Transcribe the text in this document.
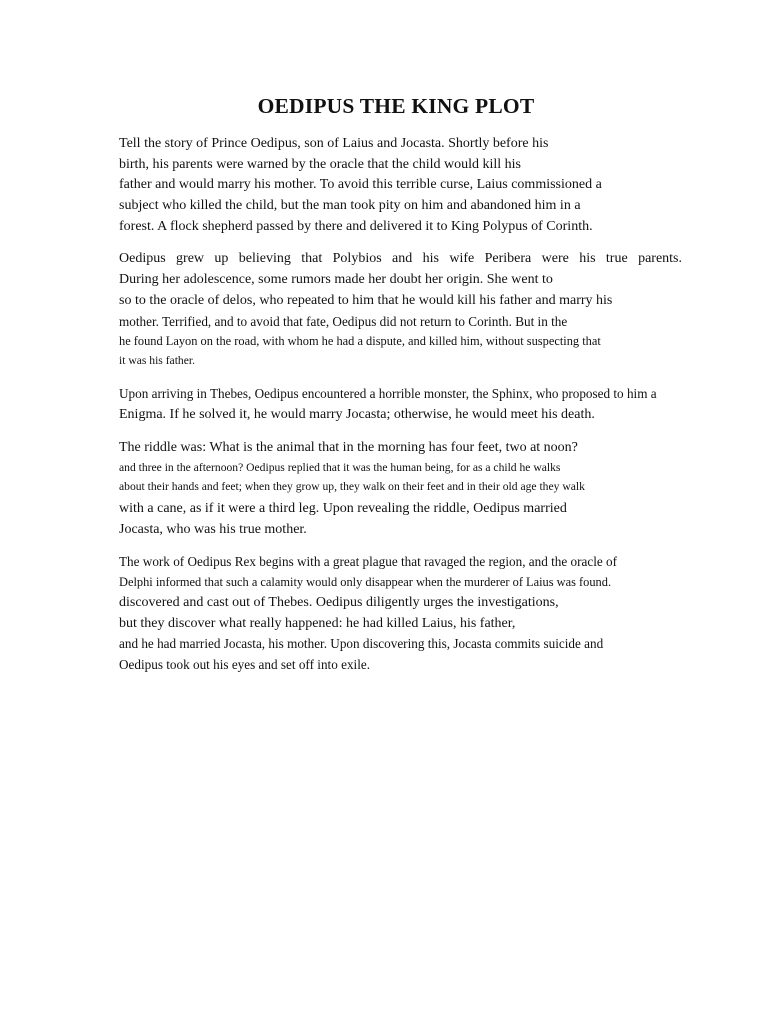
OEDIPUS THE KING PLOT
Tell the story of Prince Oedipus, son of Laius and Jocasta. Shortly before his
birth, his parents were warned by the oracle that the child would kill his
father and would marry his mother. To avoid this terrible curse, Laius commissioned a
subject who killed the child, but the man took pity on him and abandoned him in a
forest. A flock shepherd passed by there and delivered it to King Polypus of Corinth.
Oedipus grew up believing that Polybios and his wife Peribera were his true parents.
During her adolescence, some rumors made her doubt her origin. She went to
so to the oracle of delos, who repeated to him that he would kill his father and marry his
mother. Terrified, and to avoid that fate, Oedipus did not return to Corinth. But in the
he found Layon on the road, with whom he had a dispute, and killed him, without suspecting that
it was his father.
Upon arriving in Thebes, Oedipus encountered a horrible monster, the Sphinx, who proposed to him a
Enigma. If he solved it, he would marry Jocasta; otherwise, he would meet his death.
The riddle was: What is the animal that in the morning has four feet, two at noon?
and three in the afternoon? Oedipus replied that it was the human being, for as a child he walks
about their hands and feet; when they grow up, they walk on their feet and in their old age they walk
with a cane, as if it were a third leg. Upon revealing the riddle, Oedipus married
Jocasta, who was his true mother.
The work of Oedipus Rex begins with a great plague that ravaged the region, and the oracle of
Delphi informed that such a calamity would only disappear when the murderer of Laius was found.
discovered and cast out of Thebes. Oedipus diligently urges the investigations,
but they discover what really happened: he had killed Laius, his father,
and he had married Jocasta, his mother. Upon discovering this, Jocasta commits suicide and
Oedipus took out his eyes and set off into exile.
